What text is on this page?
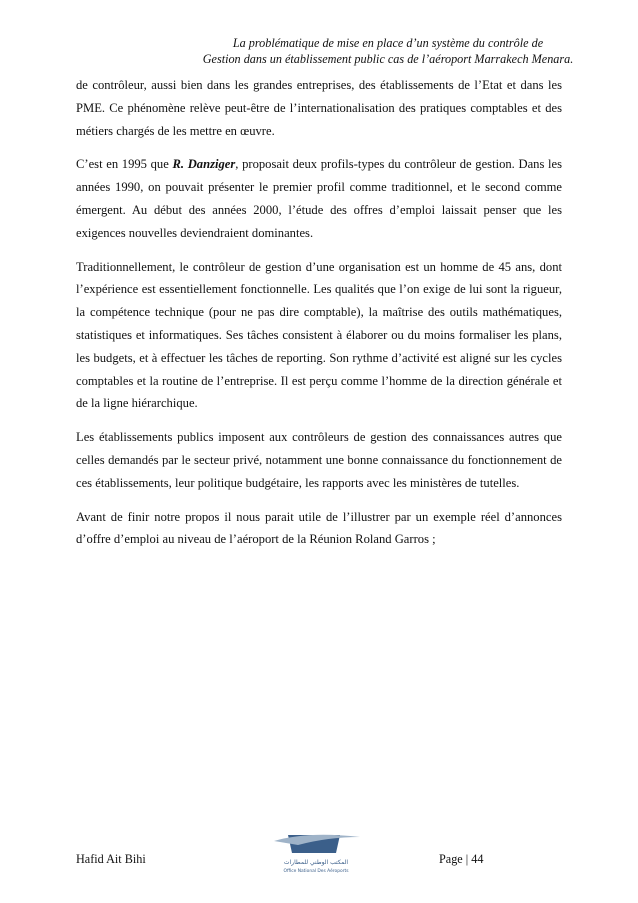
La problématique de mise en place d’un système du contrôle de

Gestion dans un établissement public cas de l’aéroport Marrakech Menara.

de contrôleur, aussi bien dans les grandes entreprises, des établissements de l’Etat et dans les PME. Ce phénomène relève peut-être de l’internationalisation des pratiques comptables et des métiers chargés de les mettre en œuvre.

C’est en 1995 que R. Danziger, proposait deux profils-types du contrôleur de gestion. Dans les années 1990, on pouvait présenter le premier profil comme traditionnel, et le second comme émergent. Au début des années 2000, l’étude des offres d’emploi laissait penser que les exigences nouvelles deviendraient dominantes.

Traditionnellement, le contrôleur de gestion d’une organisation est un homme de 45 ans, dont l’expérience est essentiellement fonctionnelle. Les qualités que l’on exige de lui sont la rigueur, la compétence technique (pour ne pas dire comptable), la maîtrise des outils mathématiques, statistiques et informatiques. Ses tâches consistent à élaborer ou du moins formaliser les plans, les budgets, et à effectuer les tâches de reporting. Son rythme d’activité est aligné sur les cycles comptables et la routine de l’entreprise. Il est perçu comme l’homme de la direction générale et de la ligne hiérarchique.

Les établissements publics imposent aux contrôleurs de gestion des connaissances autres que celles demandés par le secteur privé, notamment une bonne connaissance du fonctionnement de ces établissements, leur politique budgétaire, les rapports avec les ministères de tutelles.

Avant de finir notre propos il nous parait utile de l’illustrer par un exemple réel d’annonces d’offre d’emploi au niveau de l’aéroport de la Réunion Roland Garros ;

Hafid Ait Bihi	المكتب الوطني للمطارات
Office National Des Aéroports
Page | 44
